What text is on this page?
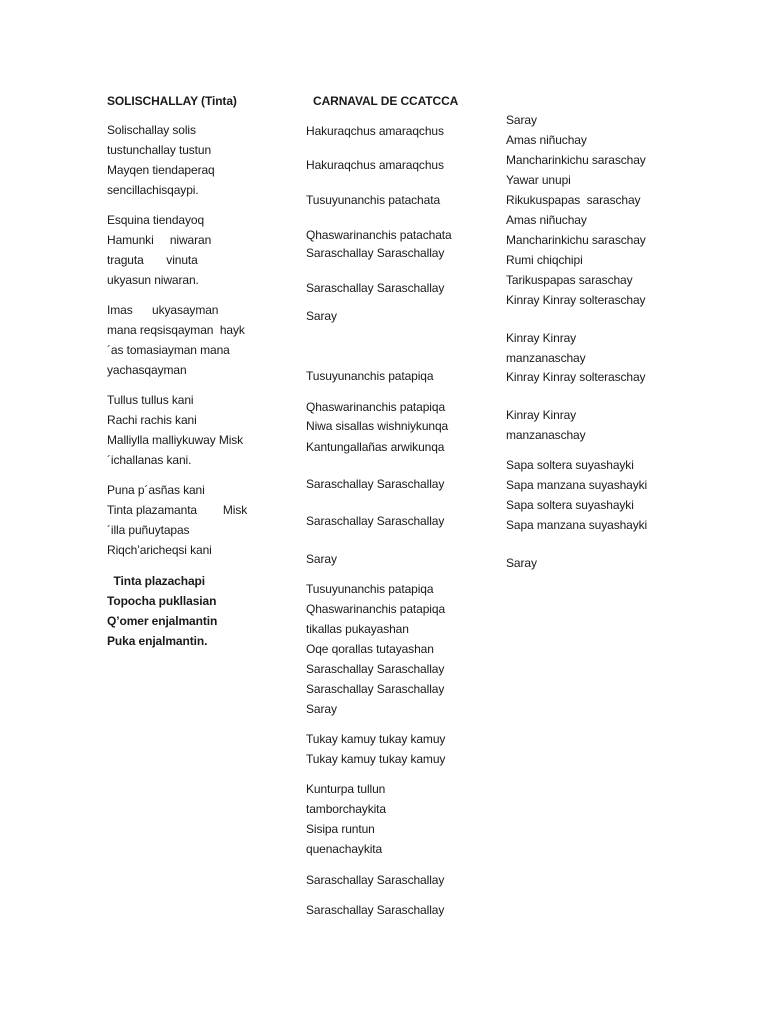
SOLISCHALLAY (Tinta)
Solischallay solis
tustunchallay tustun
Mayqen tiendaperaq
sencillachisqaypi.
Esquina tiendayoq
Hamunki     niwaran
traguta       vinuta
ukyasun niwaran.
Imas      ukyasayman
mana reqsisqayman  hayk
´as tomasiayman mana
yachasqayman
Tullus tullus kani
Rachi rachis kani
Malliylla malliykuway Misk
´ichallanas kani.
Puna p´asñas kani
Tinta plazamanta        Misk
´illa puñuytapas
Riqch’aricheqsi kani
Tinta plazachapi
Topocha pukllasian
Q’omer enjalmantin
Puka enjalmantin.
CARNAVAL DE CCATCCA
Hakuraqchus amaraqchus
Hakuraqchus amaraqchus
Tusuyunanchis patachata
Qhaswarinanchis patachata
Saraschallay Saraschallay
Saraschallay Saraschallay
Saray
Tusuyunanchis patapiqa
Qhaswarinanchis patapiqa
Niwa sisallas wishniykunqa
Kantungallañas arwikunqa
Saraschallay Saraschallay
Saraschallay Saraschallay
Saray
Tusuyunanchis patapiqa
Qhaswarinanchis patapiqa
tikallas pukayashan
Oqe qorallas tutayashan
Saraschallay Saraschallay
Saraschallay Saraschallay
Saray
Tukay kamuy tukay kamuy
Tukay kamuy tukay kamuy
Kunturpa tullun
tamborchaykita
Sisipa runtun
quenachaykita
Saraschallay Saraschallay
Saraschallay Saraschallay
Saray
Amas niñuchay
Mancharinkichu saraschay
Yawar unupi
Rikukuspapas  saraschay
Amas niñuchay
Mancharinkichu saraschay
Rumi chiqchipi
Tarikuspapas saraschay
Kinray Kinray solteraschay
Kinray Kinray
manzanaschay
Kinray Kinray solteraschay
Kinray Kinray
manzanaschay
Sapa soltera suyashayki
Sapa manzana suyashayki
Sapa soltera suyashayki
Sapa manzana suyashayki
Saray
